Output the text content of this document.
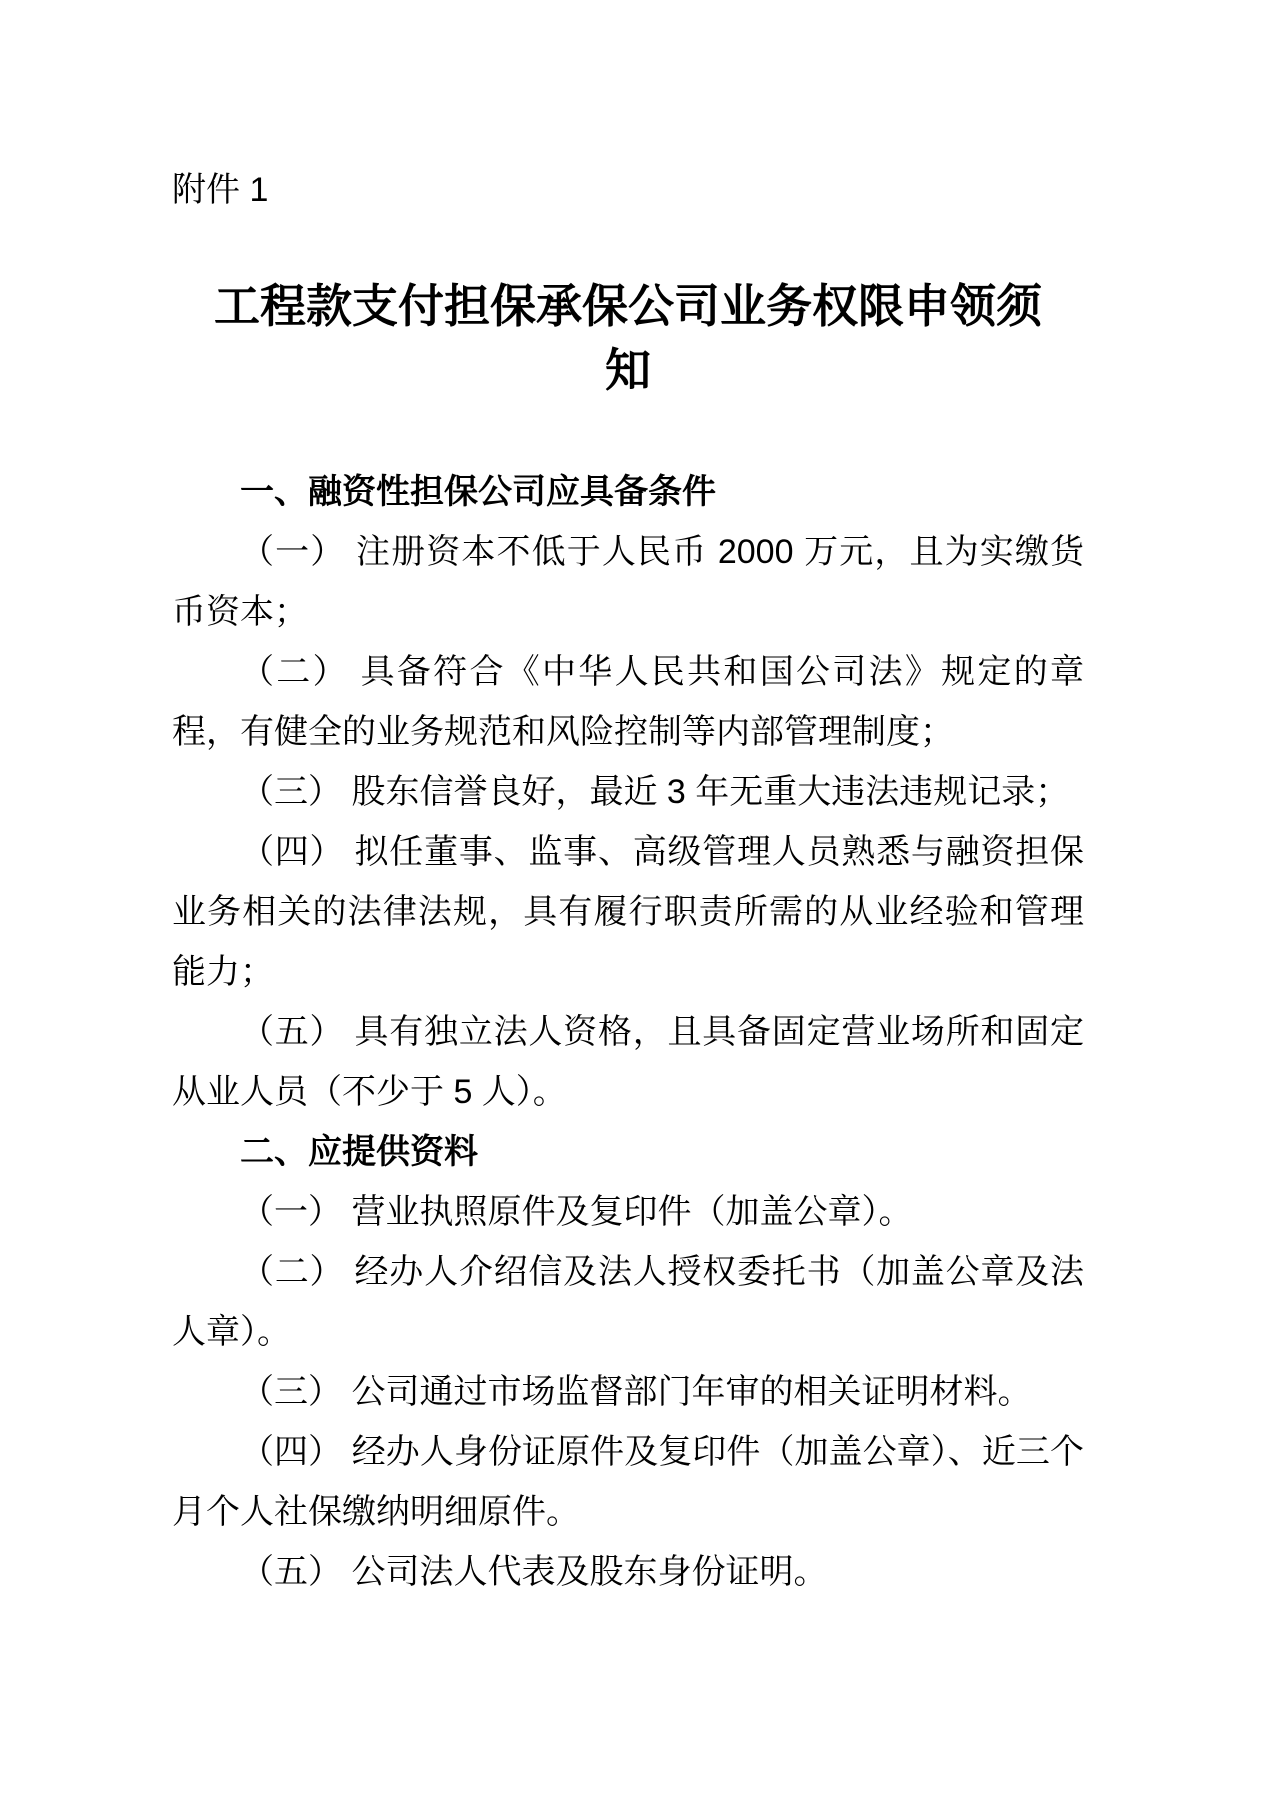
附件 1
工程款支付担保承保公司业务权限申领须知

一、融资性担保公司应具备条件

（一） 注册资本不低于人民币 2000 万元，且为实缴货币资本；

（二） 具备符合《中华人民共和国公司法》规定的章程，有健全的业务规范和风险控制等内部管理制度；

（三） 股东信誉良好，最近 3 年无重大违法违规记录；

（四） 拟任董事、监事、高级管理人员熟悉与融资担保业务相关的法律法规，具有履行职责所需的从业经验和管理能力；

（五） 具有独立法人资格，且具备固定营业场所和固定从业人员（不少于 5 人）。

二、应提供资料

（一） 营业执照原件及复印件（加盖公章）。

（二） 经办人介绍信及法人授权委托书（加盖公章及法人章）。

（三） 公司通过市场监督部门年审的相关证明材料。

（四） 经办人身份证原件及复印件（加盖公章）、近三个月个人社保缴纳明细原件。

（五） 公司法人代表及股东身份证明。
